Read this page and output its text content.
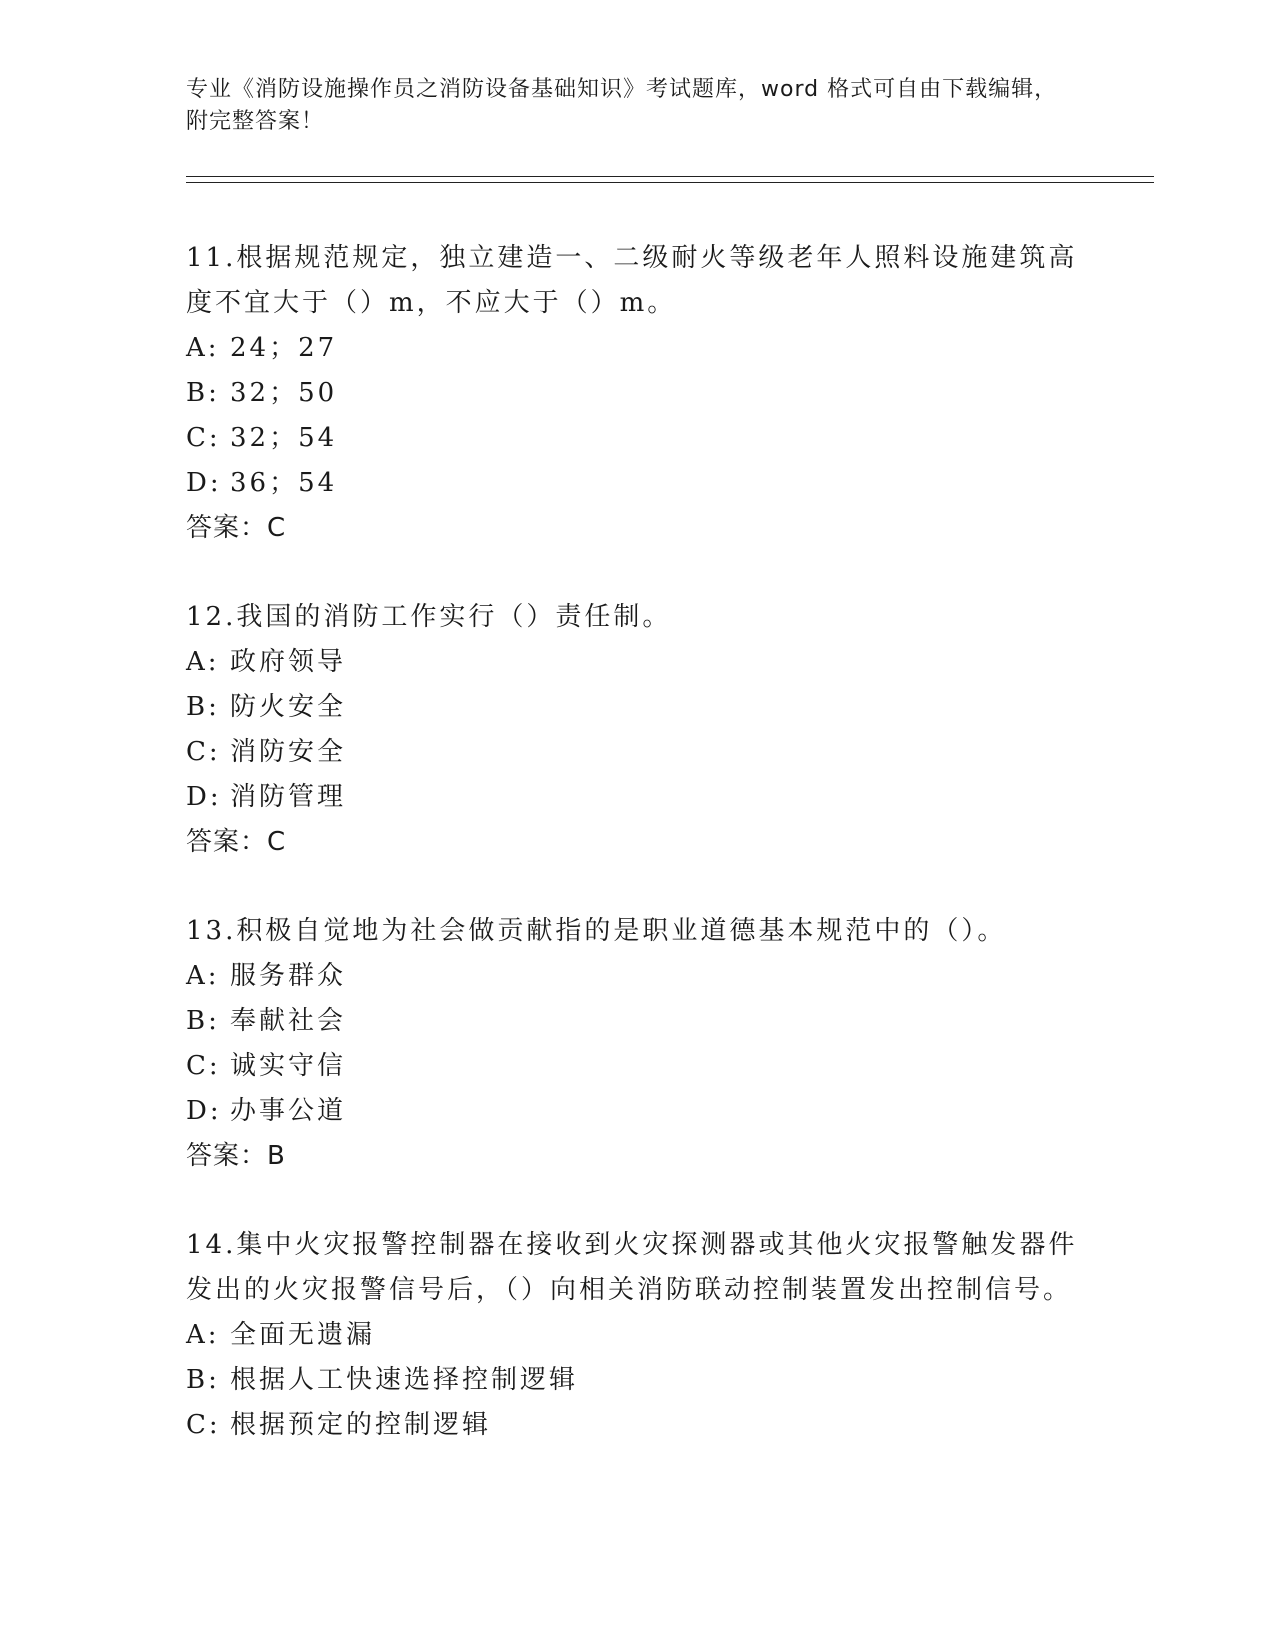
专业《消防设施操作员之消防设备基础知识》考试题库，word 格式可自由下载编辑，附完整答案！
11.根据规范规定，独立建造一、二级耐火等级老年人照料设施建筑高度不宜大于（）m，不应大于（）m。
A: 24；27
B: 32；50
C: 32；54
D: 36；54
答案：C
12.我国的消防工作实行（）责任制。
A: 政府领导
B: 防火安全
C: 消防安全
D: 消防管理
答案：C
13.积极自觉地为社会做贡献指的是职业道德基本规范中的（）。
A: 服务群众
B: 奉献社会
C: 诚实守信
D: 办事公道
答案：B
14.集中火灾报警控制器在接收到火灾探测器或其他火灾报警触发器件发出的火灾报警信号后，（）向相关消防联动控制装置发出控制信号。
A: 全面无遗漏
B: 根据人工快速选择控制逻辑
C: 根据预定的控制逻辑
